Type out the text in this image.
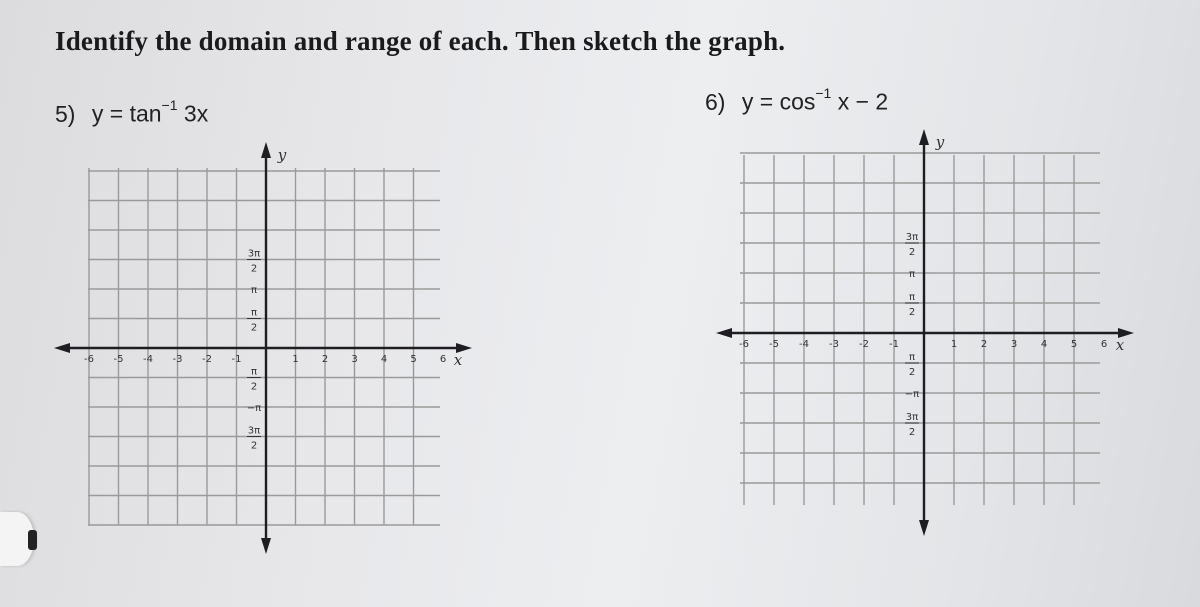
Identify the domain and range of each. Then sketch the graph.
5) $y = \tan^{-1} 3x$	6) $y = \cos^{-1} x - 2$
x
y
-6 -5 -4 -3 -2 -1	1 2 3 4 5 6
3π
2
π
π
2
π
2
−π
3π
2
x
y
-6 -5 -4 -3 -2 -1	1 2 3 4 5 6
3π
2
π
π
2
π
2
−π
3π
2
